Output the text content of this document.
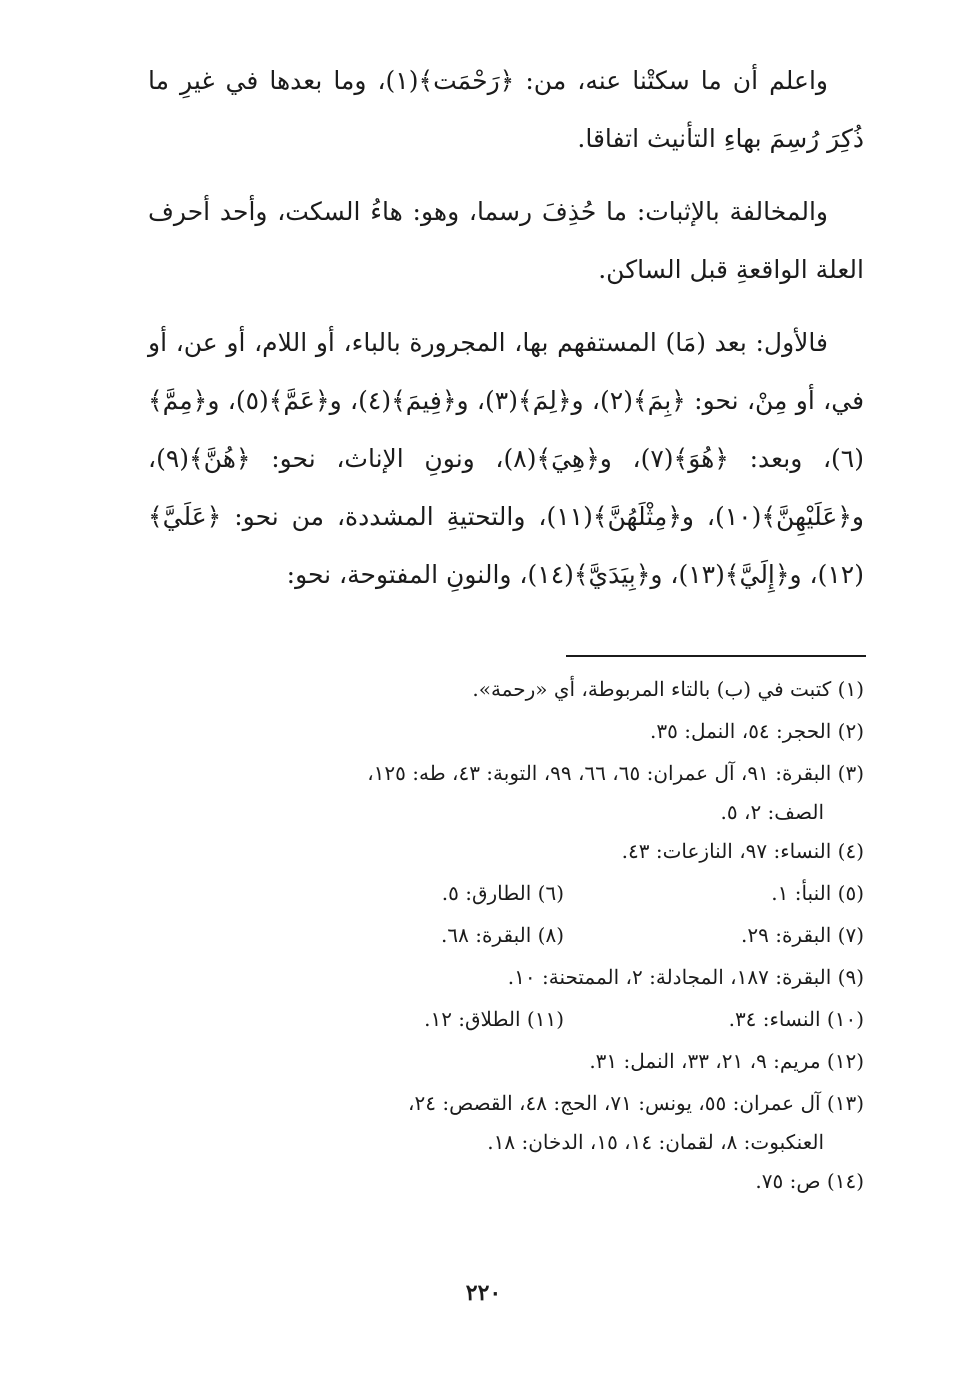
واعلم أن ما سكتْنا عنه، من: ﴿رَحْمَت﴾(١)، وما بعدها في غيرِ ما ذُكِرَ رُسِمَ بهاءِ التأنيث اتفاقا.

والمخالفة بالإثبات: ما حُذِفَ رسما، وهو: هاءُ السكت، وأحد أحرف العلة الواقعةِ قبل الساكن.

فالأول: بعد (مَا) المستفهم بها، المجرورة بالباء، أو اللام، أو عن، أو في، أو مِنْ، نحو: ﴿بِمَ﴾(٢)، و﴿لِمَ﴾(٣)، و﴿فِيمَ﴾(٤)، و﴿عَمَّ﴾(٥)، و﴿مِمَّ﴾(٦)، وبعد: ﴿هُوَ﴾(٧)، و﴿هِيَ﴾(٨)، ونونِ الإناث، نحو: ﴿هُنَّ﴾(٩)، و﴿عَلَيْهِنَّ﴾(١٠)، و﴿مِثْلَهُنَّ﴾(١١)، والتحتيةِ المشددة، من نحو: ﴿عَلَيَّ﴾(١٢)، و﴿إِلَيَّ﴾(١٣)، و﴿بِيَدَيَّ﴾(١٤)، والنونِ المفتوحة، نحو:

(١) كتبت في (ب) بالتاء المربوطة، أي «رحمة».

(٢) الحجر: ٥٤، النمل: ٣٥.

(٣) البقرة: ٩١، آل عمران: ٦٥، ٦٦، ٩٩، التوبة: ٤٣، طه: ١٢٥،
الصف: ٢، ٥.

(٤) النساء: ٩٧، النازعات: ٤٣.

(٥) النبأ: ١.
(٦) الطارق: ٥.
(٧) البقرة: ٢٩.
(٨) البقرة: ٦٨.

(٩) البقرة: ١٨٧، المجادلة: ٢، الممتحنة: ١٠.

(١٠) النساء: ٣٤.
(١١) الطلاق: ١٢.

(١٢) مريم: ٩، ٢١، ٣٣، النمل: ٣١.

(١٣) آل عمران: ٥٥، يونس: ٧١، الحج: ٤٨، القصص: ٢٤،
العنكبوت: ٨، لقمان: ١٤، ١٥، الدخان: ١٨.

(١٤) ص: ٧٥.

٢٢٠
